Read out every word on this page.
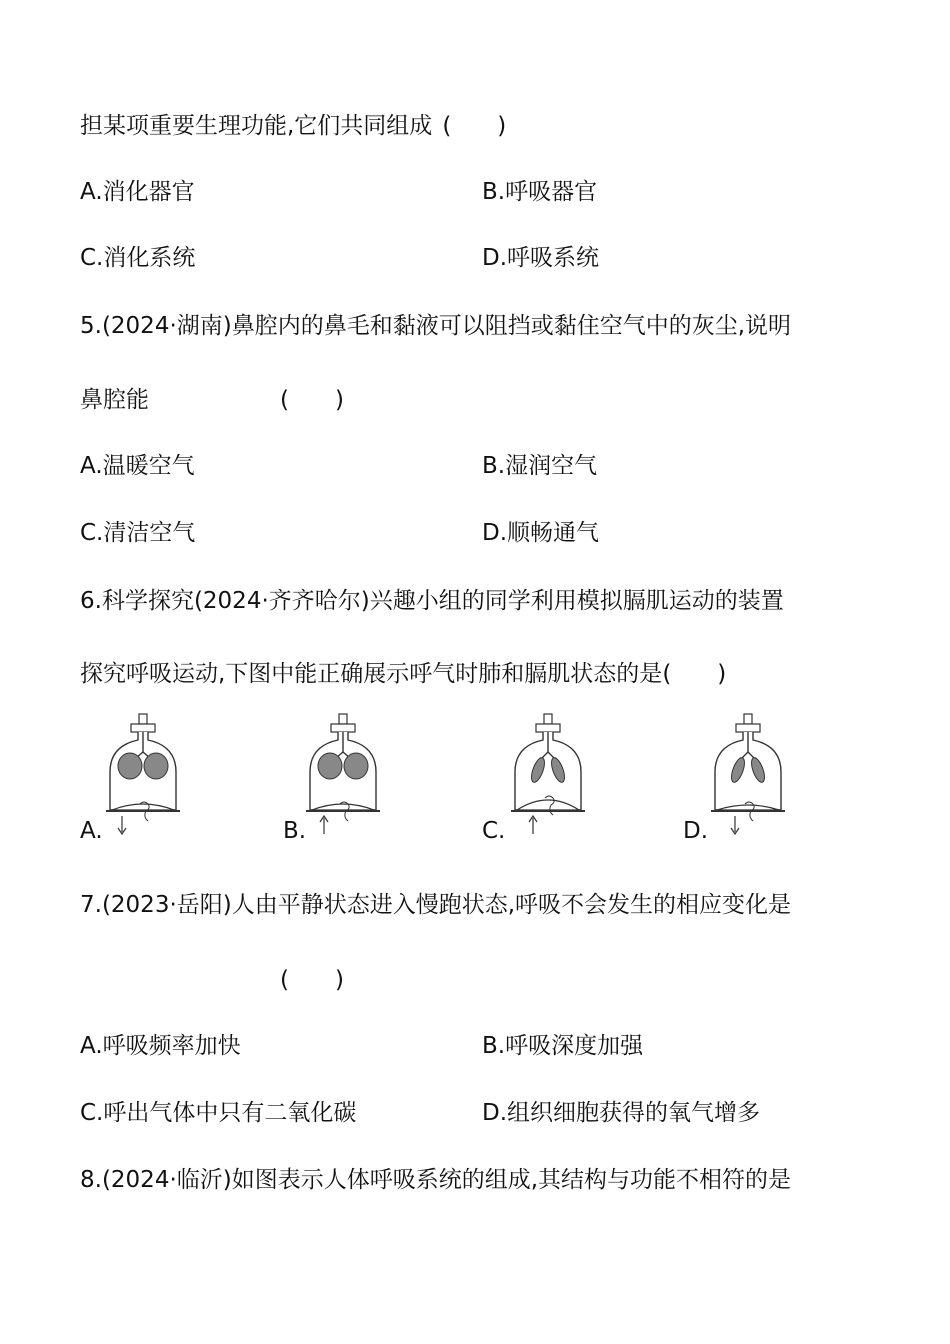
担某项重要生理功能,它们共同组成 (　　)
A.消化器官	B.呼吸器官
C.消化系统	D.呼吸系统
5.(2024·湖南)鼻腔内的鼻毛和黏液可以阻挡或黏住空气中的灰尘,说明
鼻腔能	(　　)
A.温暖空气	B.湿润空气
C.清洁空气	D.顺畅通气
6.科学探究(2024·齐齐哈尔)兴趣小组的同学利用模拟膈肌运动的装置
探究呼吸运动,下图中能正确展示呼气时肺和膈肌状态的是(　　)
A.	B.	C.	D.
7.(2023·岳阳)人由平静状态进入慢跑状态,呼吸不会发生的相应变化是
(　　)
A.呼吸频率加快	B.呼吸深度加强
C.呼出气体中只有二氧化碳	D.组织细胞获得的氧气增多
8.(2024·临沂)如图表示人体呼吸系统的组成,其结构与功能不相符的是
